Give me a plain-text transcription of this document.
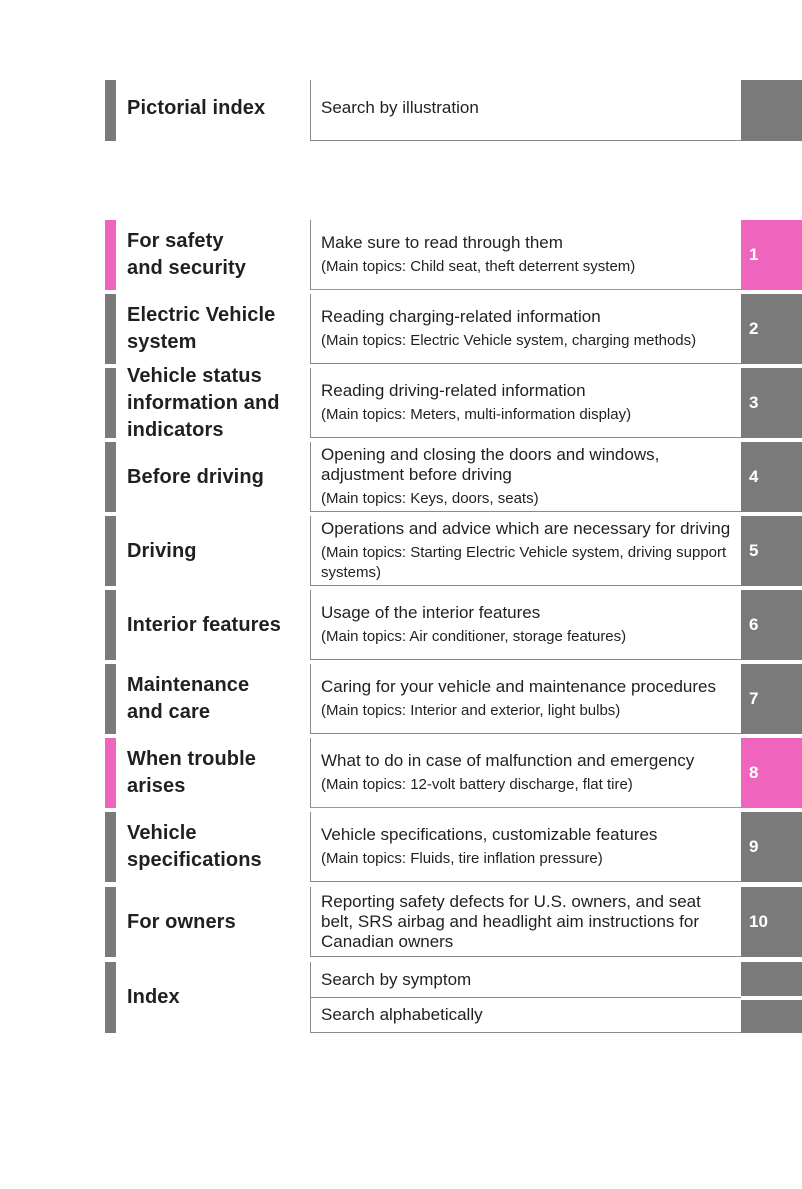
Pictorial index	Search by illustration
For safety
and security
Make sure to read through them
(Main topics: Child seat, theft deterrent system)
1
Electric Vehicle
system
Reading charging-related information
(Main topics: Electric Vehicle system, charging methods)
2
Vehicle status
information and
indicators
Reading driving-related information
(Main topics: Meters, multi-information display)
3
Before driving
Opening and closing the doors and windows, adjustment before driving
(Main topics: Keys, doors, seats)
4
Driving
Operations and advice which are necessary for driving
(Main topics: Starting Electric Vehicle system, driving support systems)
5
Interior features
Usage of the interior features
(Main topics: Air conditioner, storage features)
6
Maintenance
and care
Caring for your vehicle and maintenance procedures
(Main topics: Interior and exterior, light bulbs)
7
When trouble
arises
What to do in case of malfunction and emergency
(Main topics: 12-volt battery discharge, flat tire)
8
Vehicle
specifications
Vehicle specifications, customizable features
(Main topics: Fluids, tire inflation pressure)
9
For owners
Reporting safety defects for U.S. owners, and seat belt, SRS airbag and headlight aim instructions for Canadian owners
10
Index
Search by symptom
Search alphabetically
